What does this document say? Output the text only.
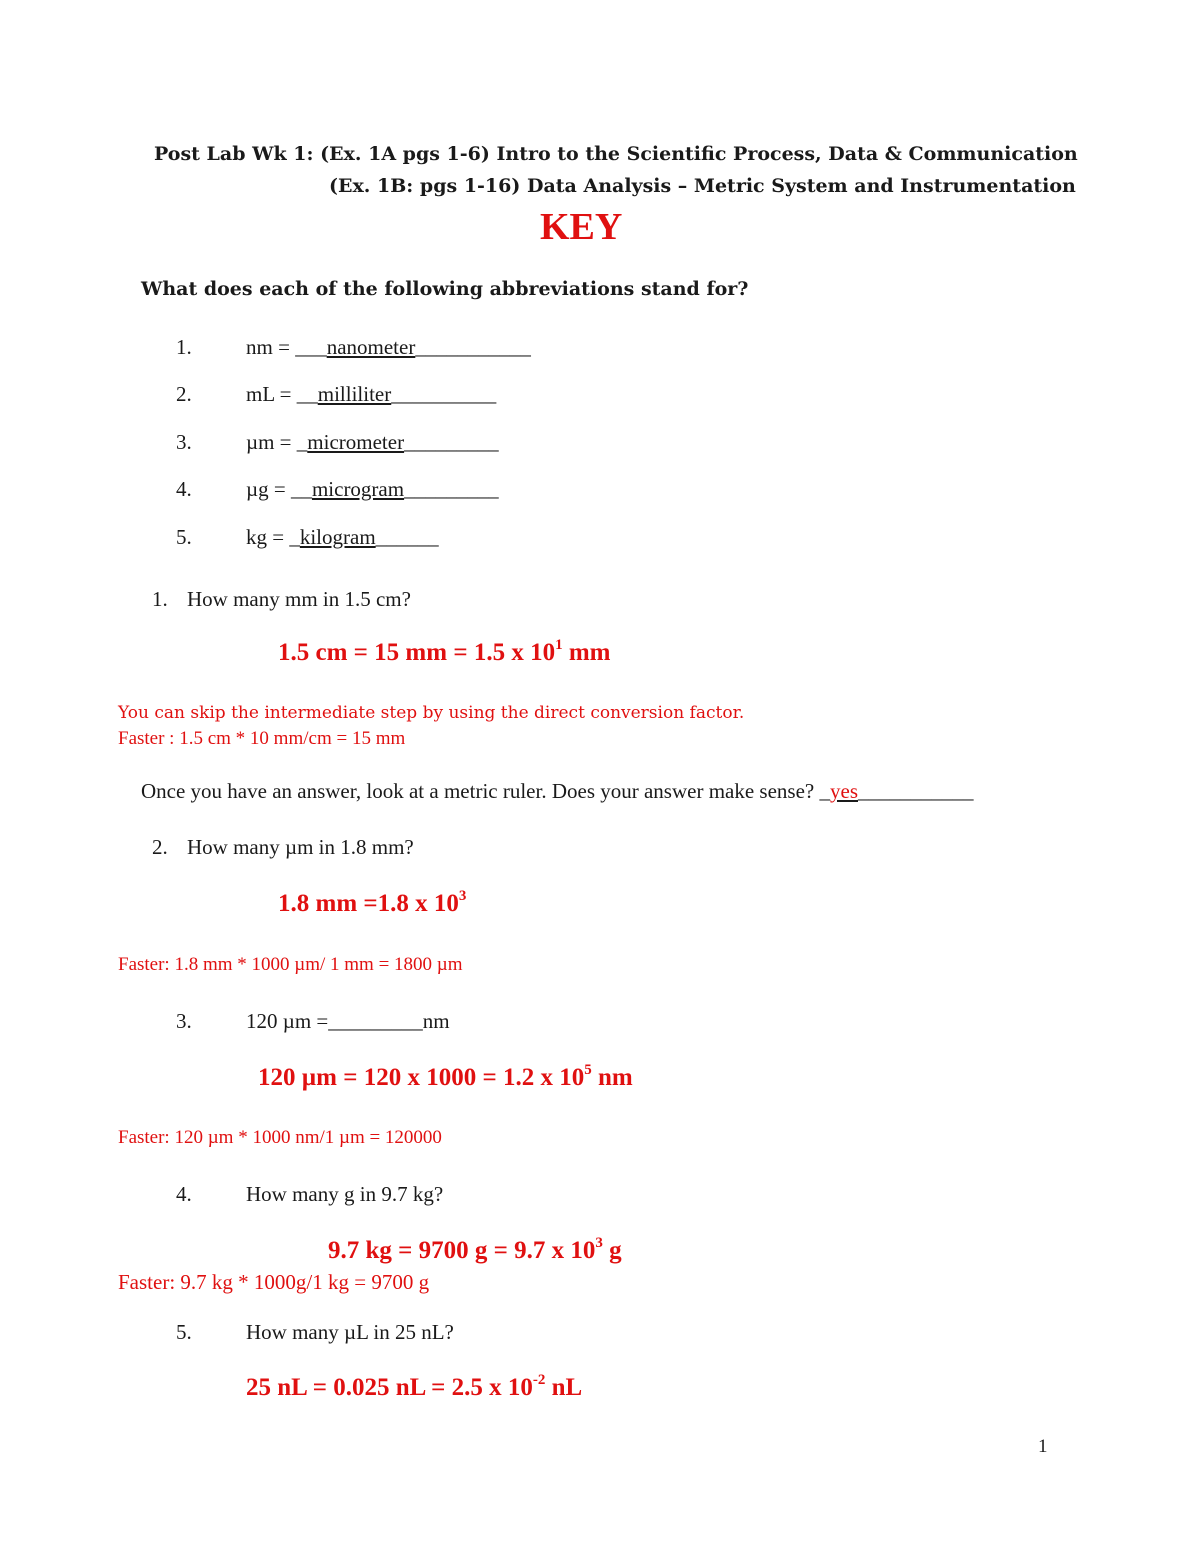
Post Lab Wk 1: (Ex. 1A pgs 1-6) Intro to the Scientific Process, Data & Communication
(Ex. 1B: pgs 1-16) Data Analysis – Metric System and Instrumentation
KEY
What does each of the following abbreviations stand for?
1.	nm = ___nanometer___________
2.	mL = __milliliter__________
3.	µm = _micrometer_________
4.	µg = __microgram_________
5.	kg = _kilogram______
1. How many mm in 1.5 cm?
1.5 cm = 15 mm = 1.5 x $10^1$ mm
You can skip the intermediate step by using the direct conversion factor.
Faster : 1.5 cm * 10 mm/cm = 15 mm
Once you have an answer, look at a metric ruler. Does your answer make sense? _yes___________
2. How many µm in 1.8 mm?
1.8 mm =1.8 x $10^3$
Faster: 1.8 mm * 1000 µm/ 1 mm = 1800 µm
3.	120 µm =_________nm
120 µm = 120 x 1000 = 1.2 x $10^5$ nm
Faster: 120 µm * 1000 nm/1 µm = 120000
4.	How many g in 9.7 kg?
9.7 kg = 9700 g = 9.7 x $10^3$ g
Faster: 9.7 kg * 1000g/1 kg = 9700 g
5.	How many µL in 25 nL?
25 nL = 0.025 nL = 2.5 x $10^{-2}$ nL
1
